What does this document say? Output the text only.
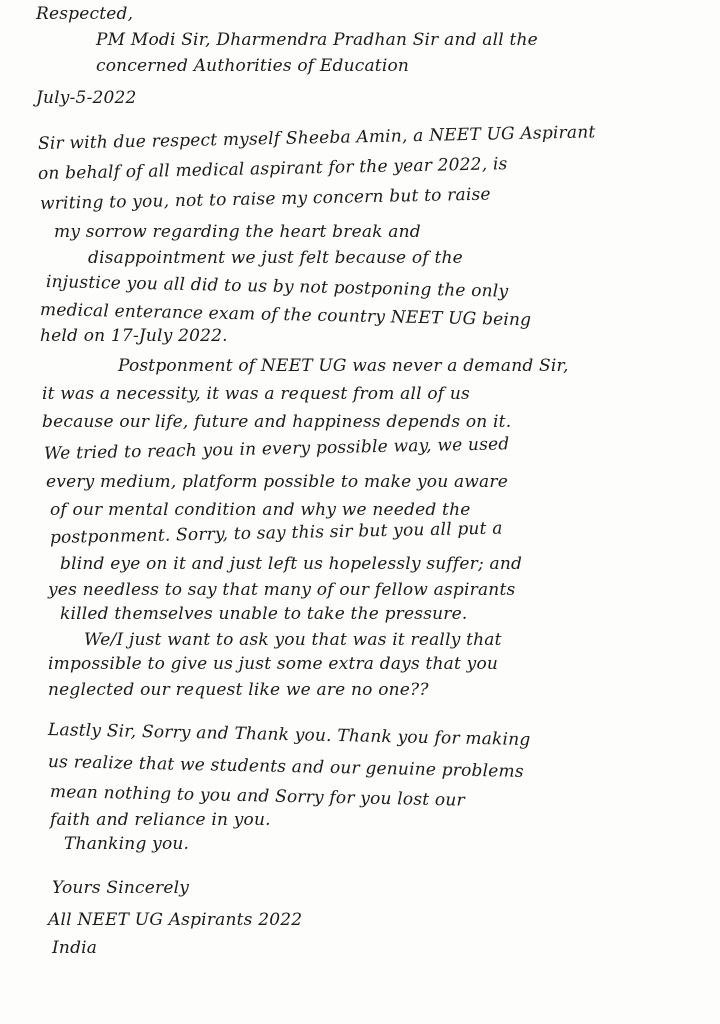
Respected,
PM Modi Sir, Dharmendra Pradhan Sir and all the
concerned Authorities of Education
July-5-2022
Sir with due respect myself Sheeba Amin, a NEET UG Aspirant
on behalf of all medical aspirant for the year 2022, is
writing to you, not to raise my concern but to raise
my sorrow regarding the heart break and
disappointment we just felt because of the
injustice you all did to us by not postponing the only
medical enterance exam of the country NEET UG being
held on 17-July 2022.
Postponment of NEET UG was never a demand Sir,
it was a necessity, it was a request from all of us
because our life, future and happiness depends on it.
We tried to reach you in every possible way, we used
every medium, platform possible to make you aware
of our mental condition and why we needed the
postponment. Sorry, to say this sir but you all put a
blind eye on it and just left us hopelessly suffer; and
yes needless to say that many of our fellow aspirants
killed themselves unable to take the pressure.
We/I just want to ask you that was it really that
impossible to give us just some extra days that you
neglected our request like we are no one??
Lastly Sir, Sorry and Thank you. Thank you for making
us realize that we students and our genuine problems
mean nothing to you and Sorry for you lost our
faith and reliance in you.
Thanking you.
Yours Sincerely
All NEET UG Aspirants 2022
India
